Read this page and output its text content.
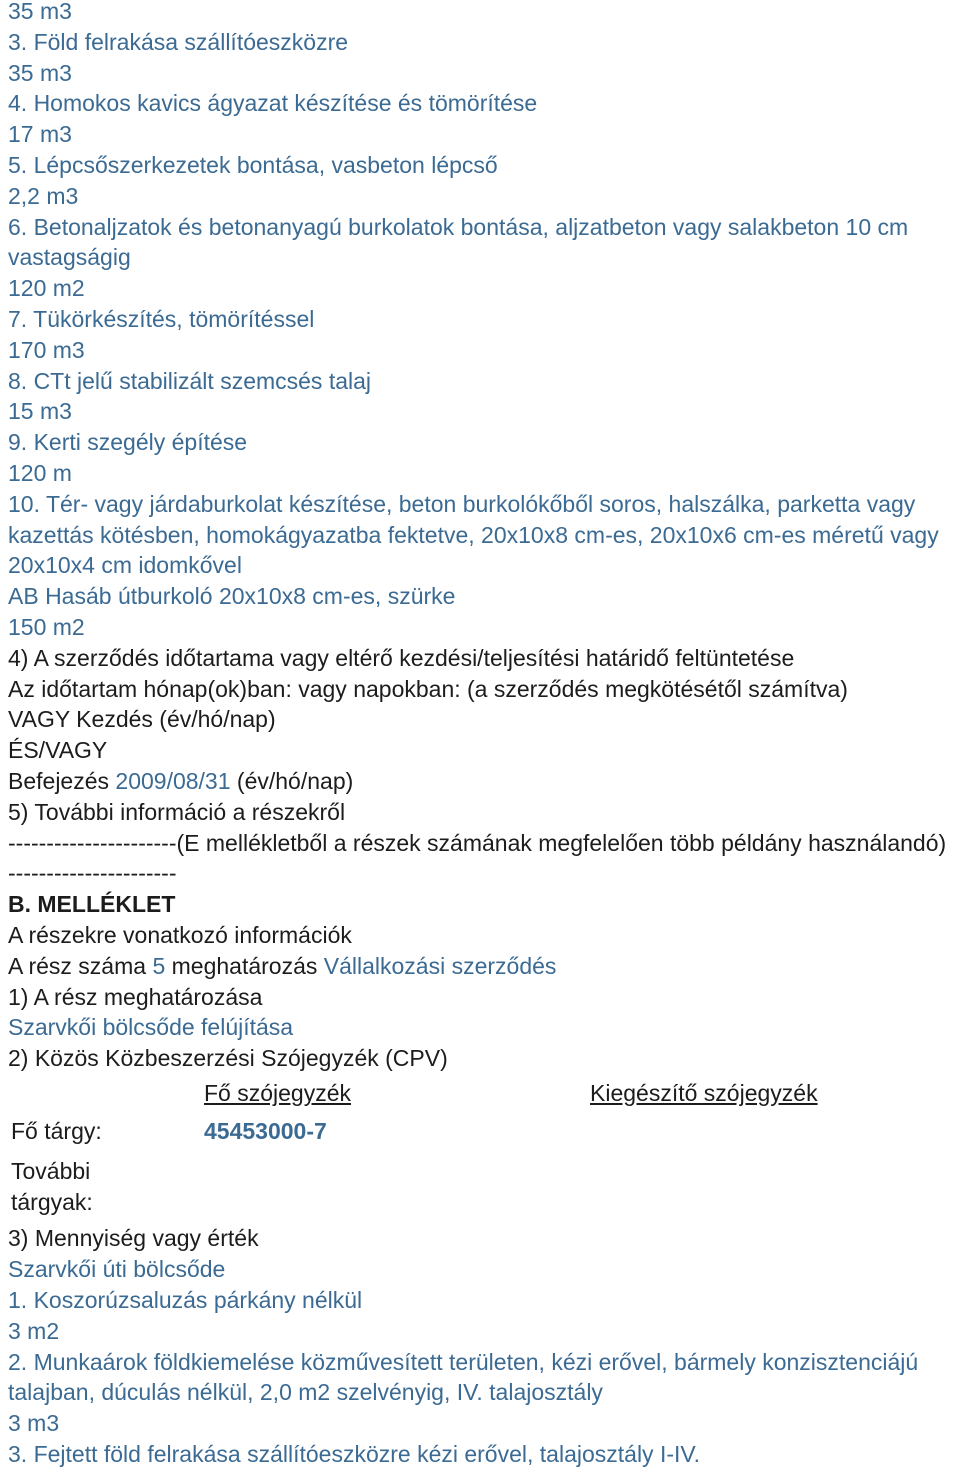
35 m3

3. Föld felrakása szállítóeszközre

35 m3

4. Homokos kavics ágyazat készítése és tömörítése

17 m3

5. Lépcsőszerkezetek bontása, vasbeton lépcső

2,2 m3

6. Betonaljzatok és betonanyagú burkolatok bontása, aljzatbeton vagy salakbeton 10 cm vastagságig

120 m2

7. Tükörkészítés, tömörítéssel

170 m3

8. CTt jelű stabilizált szemcsés talaj

15 m3

9. Kerti szegély építése

120 m

10. Tér- vagy járdaburkolat készítése, beton burkolókőből soros, halszálka, parketta vagy kazettás kötésben, homokágyazatba fektetve, 20x10x8 cm-es, 20x10x6 cm-es méretű vagy 20x10x4 cm idomkővel

AB Hasáb útburkoló 20x10x8 cm-es, szürke

150 m2

4) A szerződés időtartama vagy eltérő kezdési/teljesítési határidő feltüntetése

Az időtartam hónap(ok)ban: vagy napokban: (a szerződés megkötésétől számítva)

VAGY Kezdés (év/hó/nap)

ÉS/VAGY

Befejezés 2009/08/31 (év/hó/nap)

5) További információ a részekről

----------------------(E mellékletből a részek számának megfelelően több példány használandó) ----------------------

B. MELLÉKLET

A részekre vonatkozó információk

A rész száma 5 meghatározás Vállalkozási szerződés

1) A rész meghatározása

Szarvkői bölcsőde felújítása

2) Közös Közbeszerzési Szójegyzék (CPV)

Fő szójegyzék	Kiegészítő szójegyzék
Fő tárgy:	45453000-7
További tárgyak:

3) Mennyiség vagy érték

Szarvkői úti bölcsőde

1. Koszorúzsaluzás párkány nélkül

3 m2

2. Munkaárok földkiemelése közművesített területen, kézi erővel, bármely konzisztenciájú talajban, dúculás nélkül, 2,0 m2 szelvényig, IV. talajosztály

3 m3

3. Fejtett föld felrakása szállítóeszközre kézi erővel, talajosztály I-IV.
